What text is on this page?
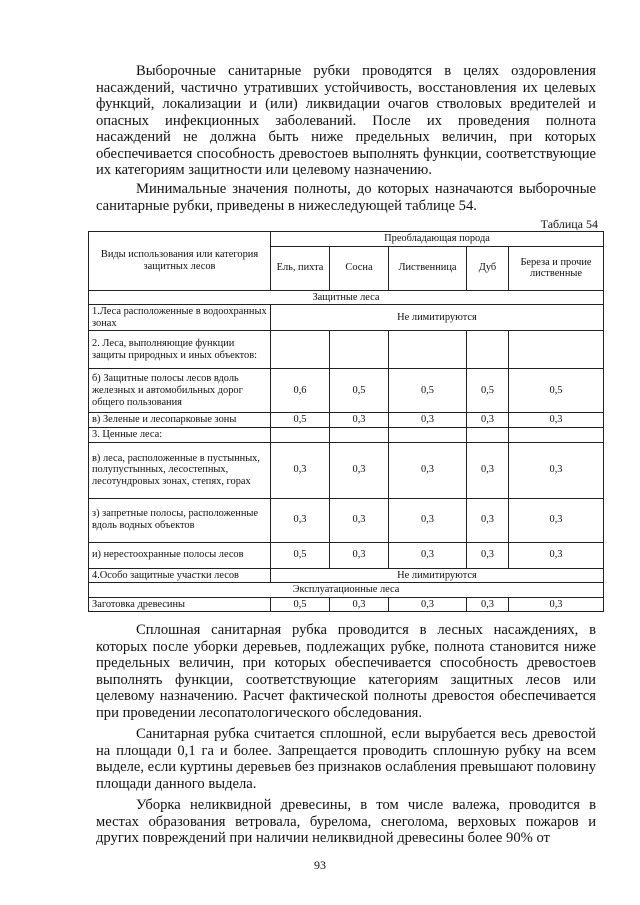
Выборочные санитарные рубки проводятся в целях оздоровления насаждений, частично утративших устойчивость, восстановления их целевых функций, локализации и (или) ликвидации очагов стволовых вредителей и опасных инфекционных заболеваний. После их проведения полнота насаждений не должна быть ниже предельных величин, при которых обеспечивается способность древостоев выполнять функции, соответствующие их категориям защитности или целевому назначению.

Минимальные значения полноты, до которых назначаются выборочные санитарные рубки, приведены в нижеследующей таблице 54.

Таблица 54
Виды использования или категория защитных лесов	Преобладающая порода				
	Ель, пихта	Сосна	Лиственница	Дуб	Береза и прочие лиственные
Защитные леса					
1.Леса расположенные в водоохранных зонах	Не лимитируются				
2. Леса, выполняющие функции защиты природных и иных объектов:					
б) Защитные полосы лесов вдоль железных и автомобильных дорог общего пользования	0,6	0,5	0,5	0,5	0,5
в) Зеленые и лесопарковые зоны	0,5	0,3	0,3	0,3	0,3
3. Ценные леса:					
в) леса, расположенные в пустынных, полупустынных, лесостепных, лесотундровых зонах, степях, горах	0,3	0,3	0,3	0,3	0,3
з) запретные полосы, расположенные вдоль водных объектов	0,3	0,3	0,3	0,3	0,3
и) нерестоохранные полосы лесов	0,5	0,3	0,3	0,3	0,3
4.Особо защитные участки лесов	Не лимитируются				
Эксплуатационные леса					
Заготовка древесины	0,5	0,3	0,3	0,3	0,3

Сплошная санитарная рубка проводится в лесных насаждениях, в которых после уборки деревьев, подлежащих рубке, полнота становится ниже предельных величин, при которых обеспечивается способность древостоев выполнять функции, соответствующие категориям защитных лесов или целевому назначению. Расчет фактической полноты древостоя обеспечивается при проведении лесопатологического обследования.

Санитарная рубка считается сплошной, если вырубается весь древостой на площади 0,1 га и более. Запрещается проводить сплошную рубку на всем выделе, если куртины деревьев без признаков ослабления превышают половину площади данного выдела.

Уборка неликвидной древесины, в том числе валежа, проводится в местах образования ветровала, бурелома, снеголома, верховых пожаров и других повреждений при наличии неликвидной древесины более 90% от

93
